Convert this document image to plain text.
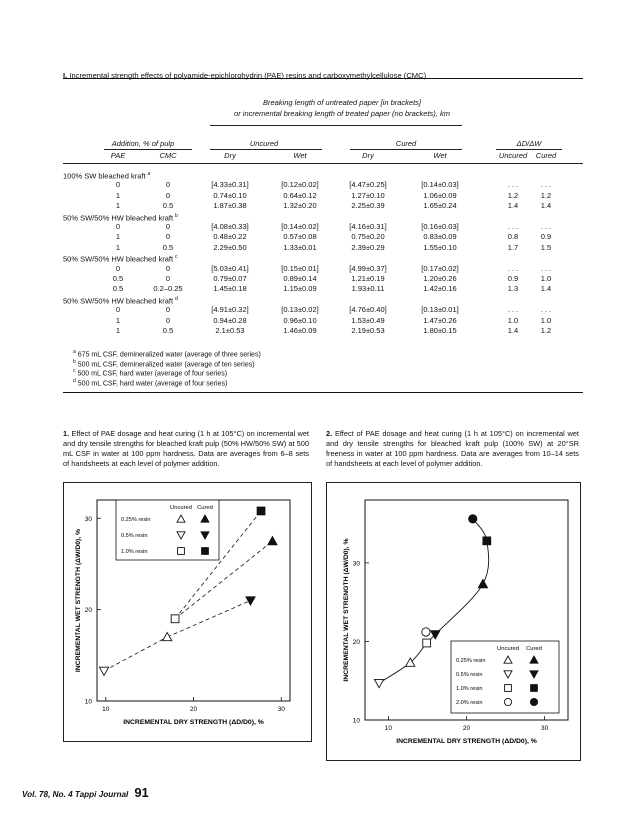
I. Incremental strength effects of polyamide-epichlorohydrin (PAE) resins and carboxymethylcellulose (CMC)
Breaking length of untreated paper [in brackets]
or incremental breaking length of treated paper (no brackets), km
Addition, % of pulp	Uncured	Cured	ΔD/ΔW
PAE	CMC	Dry	Wet	Dry	Wet	Uncured Cured
100% SW bleached kraft $^a$
0	0	[4.33±0.31]	[0.12±0.02]	[4.47±0.25]	[0.14±0.03]	. . .	. . .
1	0	0.74±0.10	0.64±0.12	1.27±0.10	1.06±0.09	1.2	1.2
1	0.5	1.87±0.38	1.32±0.20	2.25±0.39	1.65±0.24	1.4	1.4
50% SW/50% HW bleached kraft $^b$
0	0	[4.08±0.33]	[0.14±0.02]	[4.16±0.31]	[0.16±0.03]	. . .	. . .
1	0	0.48±0.22	0.57±0.08	0.75±0.20	0.83±0.09	0.8	0.9
1	0.5	2.29±0.50	1.33±0.01	2.39±0.29	1.55±0.10	1.7	1.5
50% SW/50% HW bleached kraft $^c$
0	0	[5.03±0.41]	[0.15±0.01]	[4.99±0.37]	[0.17±0.02]	. . .	. . .
0.5	0	0.79±0.07	0.89±0.14	1.21±0.19	1.20±0.26	0.9	1.0
0.5	0.2–0.25	1.45±0.18	1.15±0.09	1.93±0.11	1.42±0.16	1.3	1.4
50% SW/50% HW bleached kraft $^d$
0	0	[4.91±0.32]	[0.13±0.02]	[4.76±0.40]	[0.13±0.01]	. . .	. . .
1	0	0.94±0.28	0.96±0.10	1.53±0.49	1.47±0.26	1.0	1.0
1	0.5	2.1±0.53	1.46±0.09	2.19±0.53	1.80±0.15	1.4	1.2
$^a$ 675 mL CSF, demineralized water (average of three series)
$^b$ 500 mL CSF, demineralized water (average of ten series)
$^c$ 500 mL CSF, hard water (average of four series)
$^d$ 500 mL CSF, hard water (average of four series)
1. Effect of PAE dosage and heat curing (1 h at 105°C) on incremental wet and dry tensile strengths for bleached kraft pulp (50% HW/50% SW) at 500 mL CSF in water at 100 ppm hardness. Data are averages from 6–8 sets of handsheets at each level of polymer addition.
10	20	30
10
20
30
INCREMENTAL DRY STRENGTH (ΔD/D0), %
INCREMENTAL WET STRENGTH (ΔW/D0), %
Uncured Cured
0.25% resin
0.5% resin
1.0% resin
2. Effect of PAE dosage and heat curing (1 h at 105°C) on incremental wet and dry tensile strengths for bleached kraft pulp (100% SW) at 20°SR freeness in water at 100 ppm hardness. Data are averages from 10–14 sets of handsheets at each level of polymer addition.
10	20	30
10
20
30
INCREMENTAL DRY STRENGTH (ΔD/D0), %
INCREMENTAL WET STRENGTH (ΔW/D0), %	Uncured Cured
0.25% resin
0.5% resin
1.0% resin
2.0% resin
Vol. 78, No. 4 Tappi Journal 91
